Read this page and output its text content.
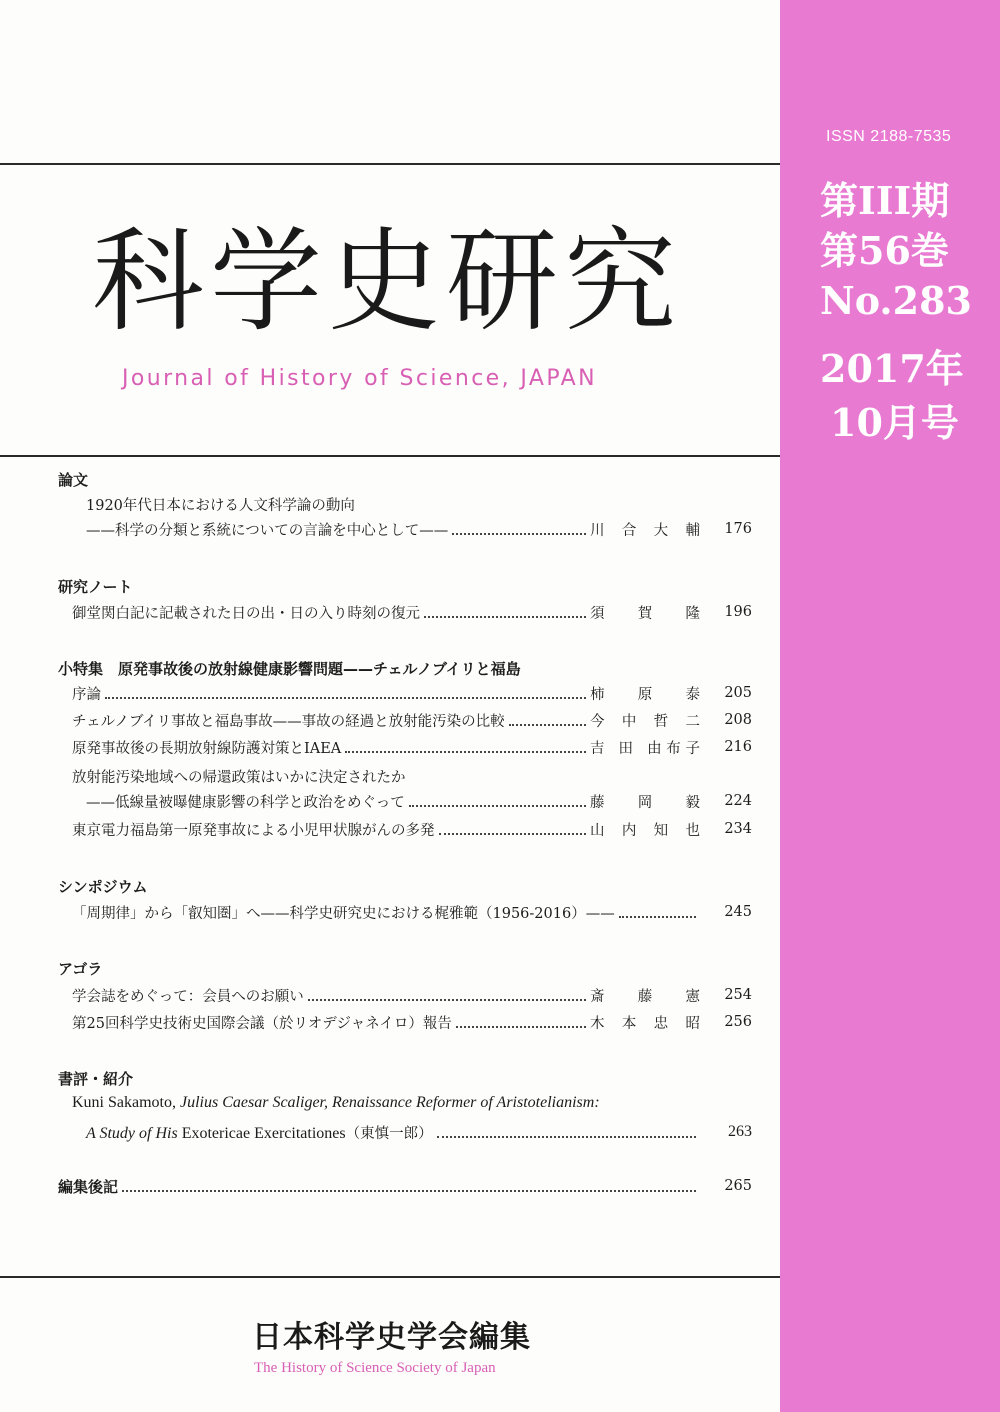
ISSN 2188-7535
第III期
第56巻
No.283
2017年
10月号
科学史研究
Journal of History of Science, JAPAN
論文
1920年代日本における人文科学論の動向
——科学の分類と系統についての言論を中心として——	川 合 大 輔	176
研究ノート
御堂関白記に記載された日の出・日の入り時刻の復元	須 賀 隆	196
小特集　原発事故後の放射線健康影響問題——チェルノブイリと福島
序論	柿 原 泰	205
チェルノブイリ事故と福島事故——事故の経過と放射能汚染の比較	今 中 哲 二	208
原発事故後の長期放射線防護対策とIAEA	吉 田 由布子	216
放射能汚染地域への帰還政策はいかに決定されたか
——低線量被曝健康影響の科学と政治をめぐって	藤 岡 毅	224
東京電力福島第一原発事故による小児甲状腺がんの多発	山 内 知 也	234
シンポジウム
「周期律」から「叡知圏」へ——科学史研究史における梶雅範（1956-2016）——	245
アゴラ
学会誌をめぐって：会員へのお願い	斎 藤 憲	254
第25回科学史技術史国際会議（於リオデジャネイロ）報告	木 本 忠 昭	256
書評・紹介
Kuni Sakamoto, Julius Caesar Scaliger, Renaissance Reformer of Aristotelianism:
A Study of His Exotericae Exercitationes（東慎一郎）	263
編集後記	265
日本科学史学会編集
The History of Science Society of Japan
